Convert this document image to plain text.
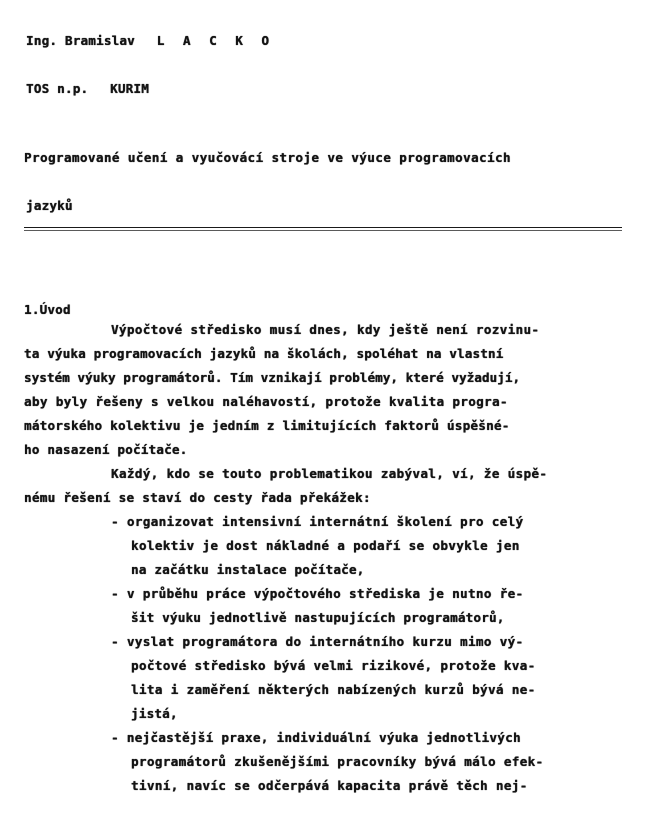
Ing. Bramislav L A C K O
TOS n.p. KURIM
Programované učení a vyučovácí stroje ve výuce programovacích
jazyků
1.Úvod
Výpočtové středisko musí dnes, kdy ještě není rozvinu-
ta výuka programovacích jazyků na školách, spoléhat na vlastní
systém výuky programátorů. Tím vznikají problémy, které vyžadují,
aby byly řešeny s velkou naléhavostí, protože kvalita progra-
mátorského kolektivu je jedním z limitujících faktorů úspěšné-
ho nasazení počítače.
Každý, kdo se touto problematikou zabýval, ví, že úspě-
nému řešení se staví do cesty řada překážek:
- organizovat intensivní internátní školení pro celý
kolektiv je dost nákladné a podaří se obvykle jen
na začátku instalace počítače,
- v průběhu práce výpočtového střediska je nutno ře-
šit výuku jednotlivě nastupujících programátorů,
- vyslat programátora do internátního kurzu mimo vý-
počtové středisko bývá velmi rizikové, protože kva-
lita i zaměření některých nabízených kurzů bývá ne-
jistá,
- nejčastější praxe, individuální výuka jednotlivých
programátorů zkušenějšími pracovníky bývá málo efek-
tivní, navíc se odčerpává kapacita právě těch nej-
